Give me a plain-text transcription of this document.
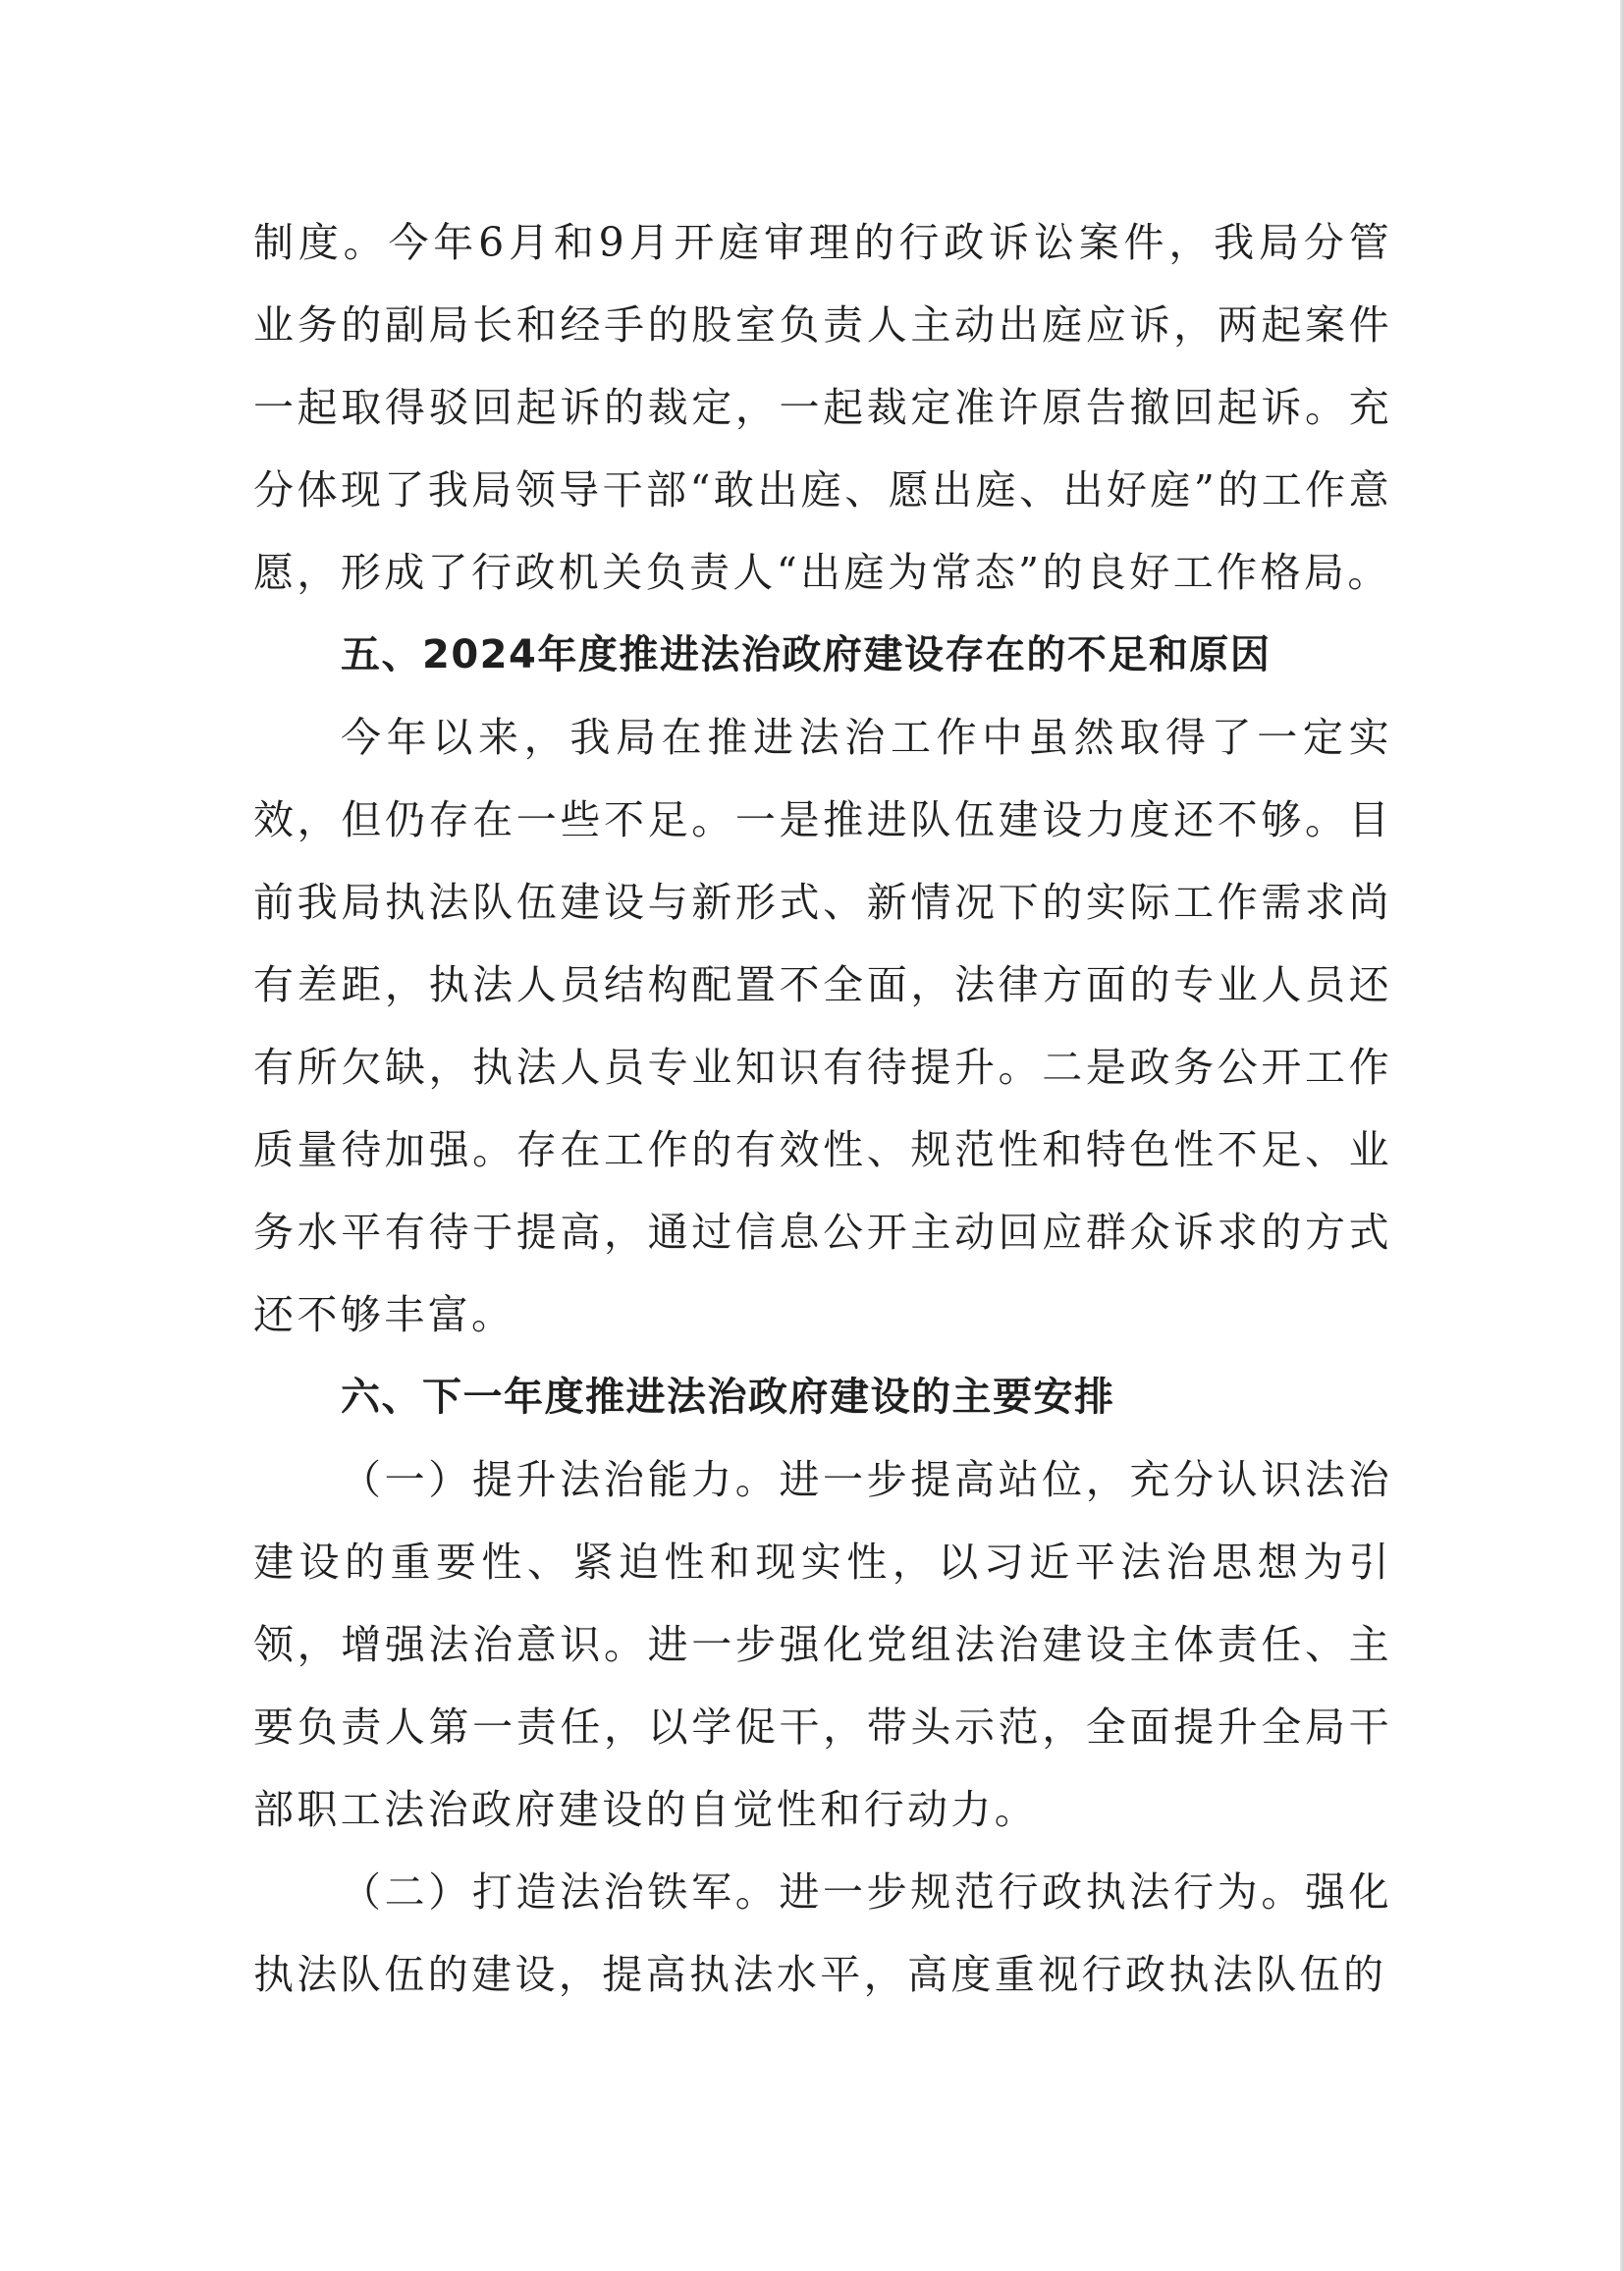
制度。今年6月和9月开庭审理的行政诉讼案件，我局分管业务的副局长和经手的股室负责人主动出庭应诉，两起案件一起取得驳回起诉的裁定，一起裁定准许原告撤回起诉。充分体现了我局领导干部“敢出庭、愿出庭、出好庭”的工作意愿，形成了行政机关负责人“出庭为常态”的良好工作格局。

五、2024年度推进法治政府建设存在的不足和原因

今年以来，我局在推进法治工作中虽然取得了一定实效，但仍存在一些不足。一是推进队伍建设力度还不够。目前我局执法队伍建设与新形式、新情况下的实际工作需求尚有差距，执法人员结构配置不全面，法律方面的专业人员还有所欠缺，执法人员专业知识有待提升。二是政务公开工作质量待加强。存在工作的有效性、规范性和特色性不足、业务水平有待于提高，通过信息公开主动回应群众诉求的方式还不够丰富。

六、下一年度推进法治政府建设的主要安排

（一）提升法治能力。进一步提高站位，充分认识法治建设的重要性、紧迫性和现实性，以习近平法治思想为引领，增强法治意识。进一步强化党组法治建设主体责任、主要负责人第一责任，以学促干，带头示范，全面提升全局干部职工法治政府建设的自觉性和行动力。

（二）打造法治铁军。进一步规范行政执法行为。强化执法队伍的建设，提高执法水平，高度重视行政执法队伍的
